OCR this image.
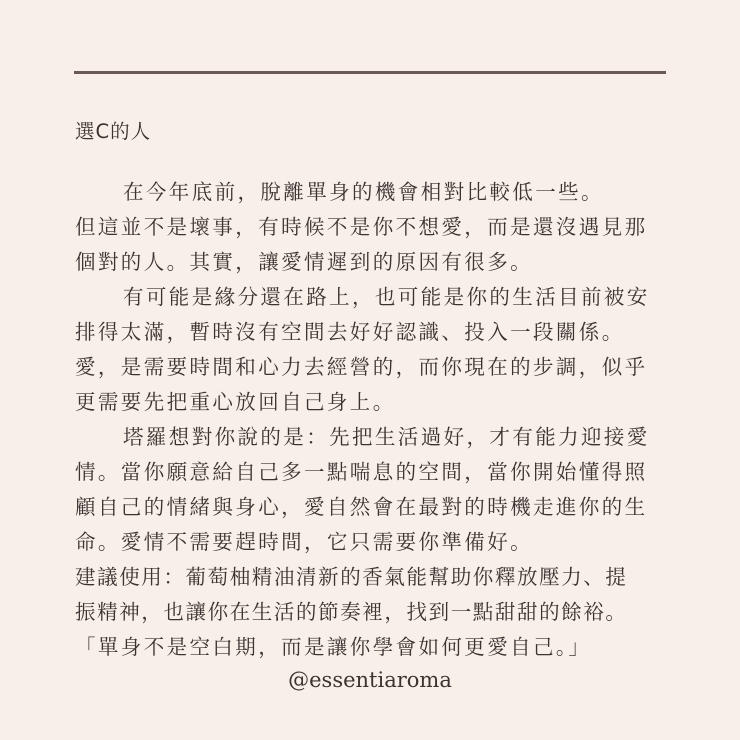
選C的人
在今年底前，脫離單身的機會相對比較低一些。
但這並不是壞事，有時候不是你不想愛，而是還沒遇見那
個對的人。其實，讓愛情遲到的原因有很多。
有可能是緣分還在路上，也可能是你的生活目前被安
排得太滿，暫時沒有空間去好好認識、投入一段關係。
愛，是需要時間和心力去經營的，而你現在的步調，似乎
更需要先把重心放回自己身上。
塔羅想對你說的是：先把生活過好，才有能力迎接愛
情。當你願意給自己多一點喘息的空間，當你開始懂得照
顧自己的情緒與身心，愛自然會在最對的時機走進你的生
命。愛情不需要趕時間，它只需要你準備好。
建議使用：葡萄柚精油清新的香氣能幫助你釋放壓力、提
振精神，也讓你在生活的節奏裡，找到一點甜甜的餘裕。
「單身不是空白期，而是讓你學會如何更愛自己。」
@essentiaroma
